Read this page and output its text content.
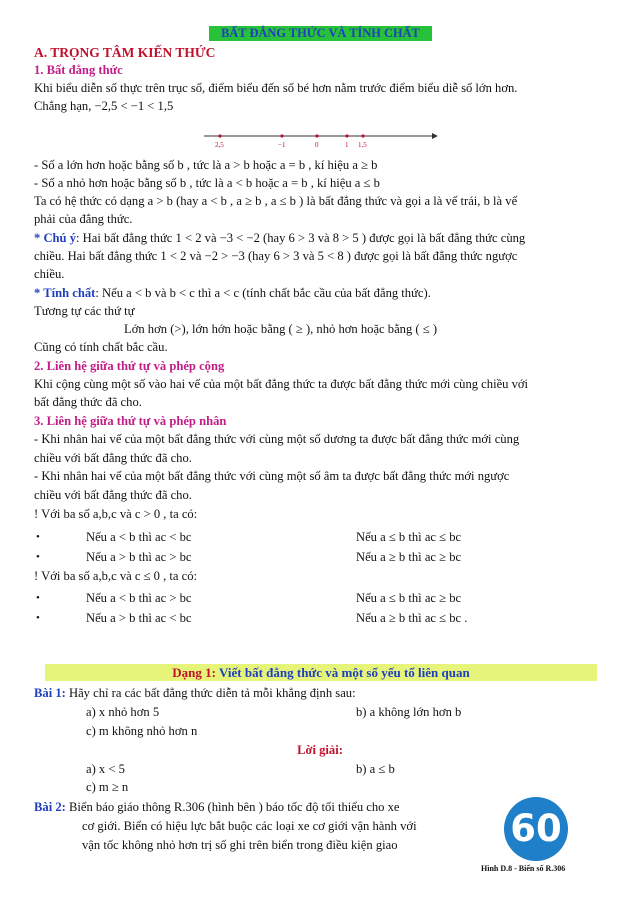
BẤT ĐẲNG THỨC VÀ TÍNH CHẤT
A. TRỌNG TÂM KIẾN THỨC
1. Bất đẳng thức
Khi biểu diễn số thực trên trục số, điểm biểu đến số bé hơn nằm trước điểm biểu diễ số lớn hơn.
Chẳng hạn, −2,5 < −1 < 1,5
2,5	−1	0	1 1,5
- Số a lớn hơn hoặc bằng số b , tức là a > b hoặc a = b , kí hiệu a ≥ b
- Số a nhỏ hơn hoặc bằng số b , tức là a < b hoặc a = b , kí hiệu a ≤ b
Ta có hệ thức có dạng a > b (hay a < b , a ≥ b , a ≤ b ) là bất đẳng thức và gọi a là vế trái, b là vế
phải của đẳng thức.
* Chú ý: Hai bất đẳng thức 1 < 2 và −3 < −2 (hay 6 > 3 và 8 > 5 ) được gọi là bất đẳng thức cùng
chiều. Hai bất đẳng thức 1 < 2 và −2 > −3 (hay 6 > 3 và 5 < 8 ) được gọi là bất đẳng thức ngược
chiều.
* Tính chất: Nếu a < b và b < c thì a < c (tính chất bắc cầu của bất đẳng thức).
Tương tự các thứ tự
Lớn hơn (>), lớn hớn hoặc bằng ( ≥ ), nhỏ hơn hoặc bằng ( ≤ )
Cũng có tính chất bắc cầu.
2. Liên hệ giữa thứ tự và phép cộng
Khi cộng cùng một số vào hai vế của một bất đẳng thức ta được bất đẳng thức mới cùng chiều với
bất đẳng thức đã cho.
3. Liên hệ giữa thứ tự và phép nhân
- Khi nhân hai vế của một bất đẳng thức với cùng một số dương ta được bất đẳng thức mới cùng
chiều với bất đẳng thức đã cho.
- Khi nhân hai vế của một bất đẳng thức với cùng một số âm ta được bất đẳng thức mới ngược
chiều với bất đẳng thức đã cho.
! Với ba số a,b,c và c > 0 , ta có:
•	Nếu a < b thì ac < bc	Nếu a ≤ b thì ac ≤ bc
•	Nếu a > b thì ac > bc	Nếu a ≥ b thì ac ≥ bc
! Với ba số a,b,c và c ≤ 0 , ta có:
•	Nếu a < b thì ac > bc	Nếu a ≤ b thì ac ≥ bc
•	Nếu a > b thì ac < bc	Nếu a ≥ b thì ac ≤ bc .
Dạng 1: Viết bất đẳng thức và một số yếu tố liên quan
Bài 1: Hãy chỉ ra các bất đẳng thức diễn tả mỗi khẳng định sau:
a) x nhỏ hơn 5	b) a không lớn hơn b
c) m không nhỏ hơn n
Lời giải:
a) x < 5	b) a ≤ b
c) m ≥ n
Bài 2: Biển báo giáo thông R.306 (hình bên ) báo tốc độ tối thiểu cho xe
cơ giới. Biển có hiệu lực bắt buộc các loại xe cơ giới vận hành với
vận tốc không nhỏ hơn trị số ghi trên biển trong điều kiện giao	60
Hình D.8 - Biển số R.306
